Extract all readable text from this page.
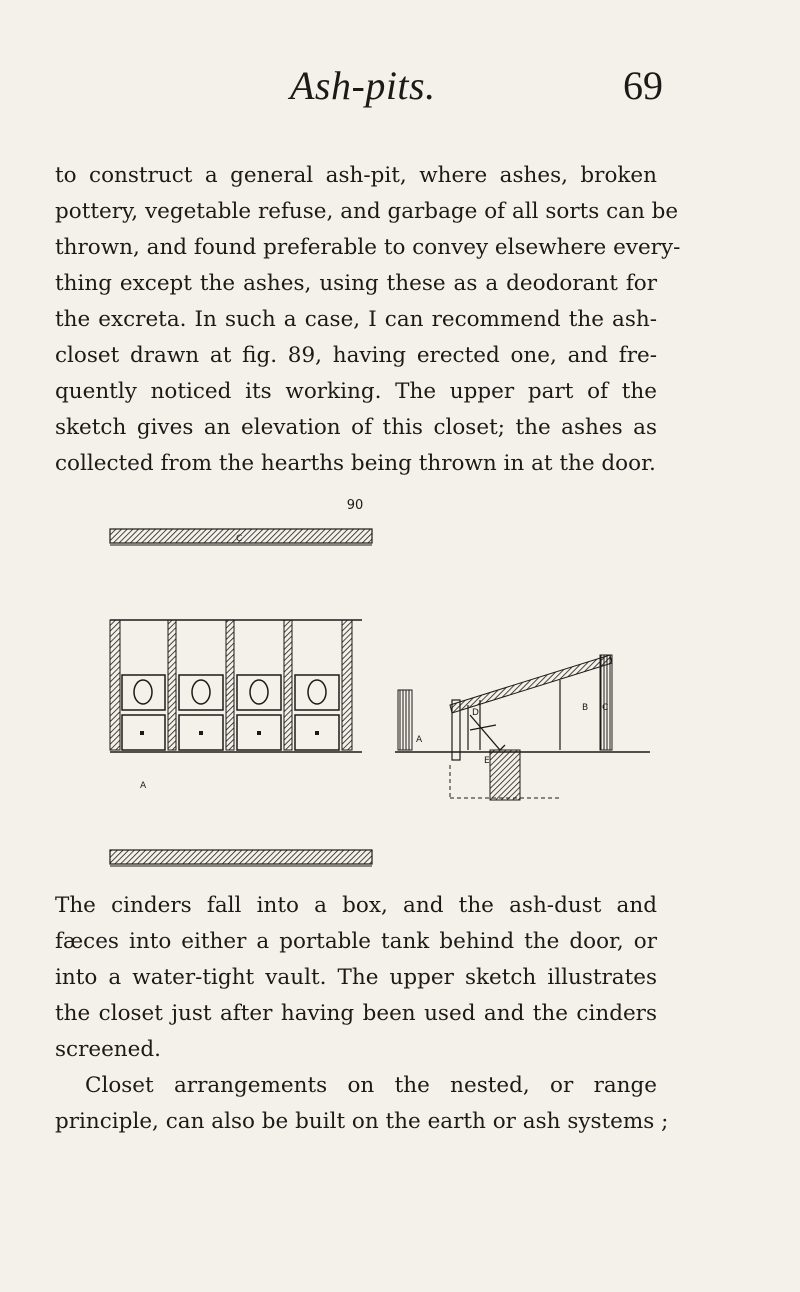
Ash-pits.	69

to construct a general ash-pit, where ashes, broken
pottery, vegetable refuse, and garbage of all sorts can be
thrown, and found preferable to convey elsewhere every-
thing except the ashes, using these as a deodorant for
the excreta. In such a case, I can recommend the ash-
closet drawn at fig. 89, having erected one, and fre-
quently noticed its working. The upper part of the
sketch gives an elevation of this closet; the ashes as
collected from the hearths being thrown in at the door.

90
C
A
A
B C
D
E

The cinders fall into a box, and the ash-dust and
fæces into either a portable tank behind the door, or
into a water-tight vault. The upper sketch illustrates
the closet just after having been used and the cinders
screened.
Closet arrangements on the nested, or range
principle, can also be built on the earth or ash systems ;
